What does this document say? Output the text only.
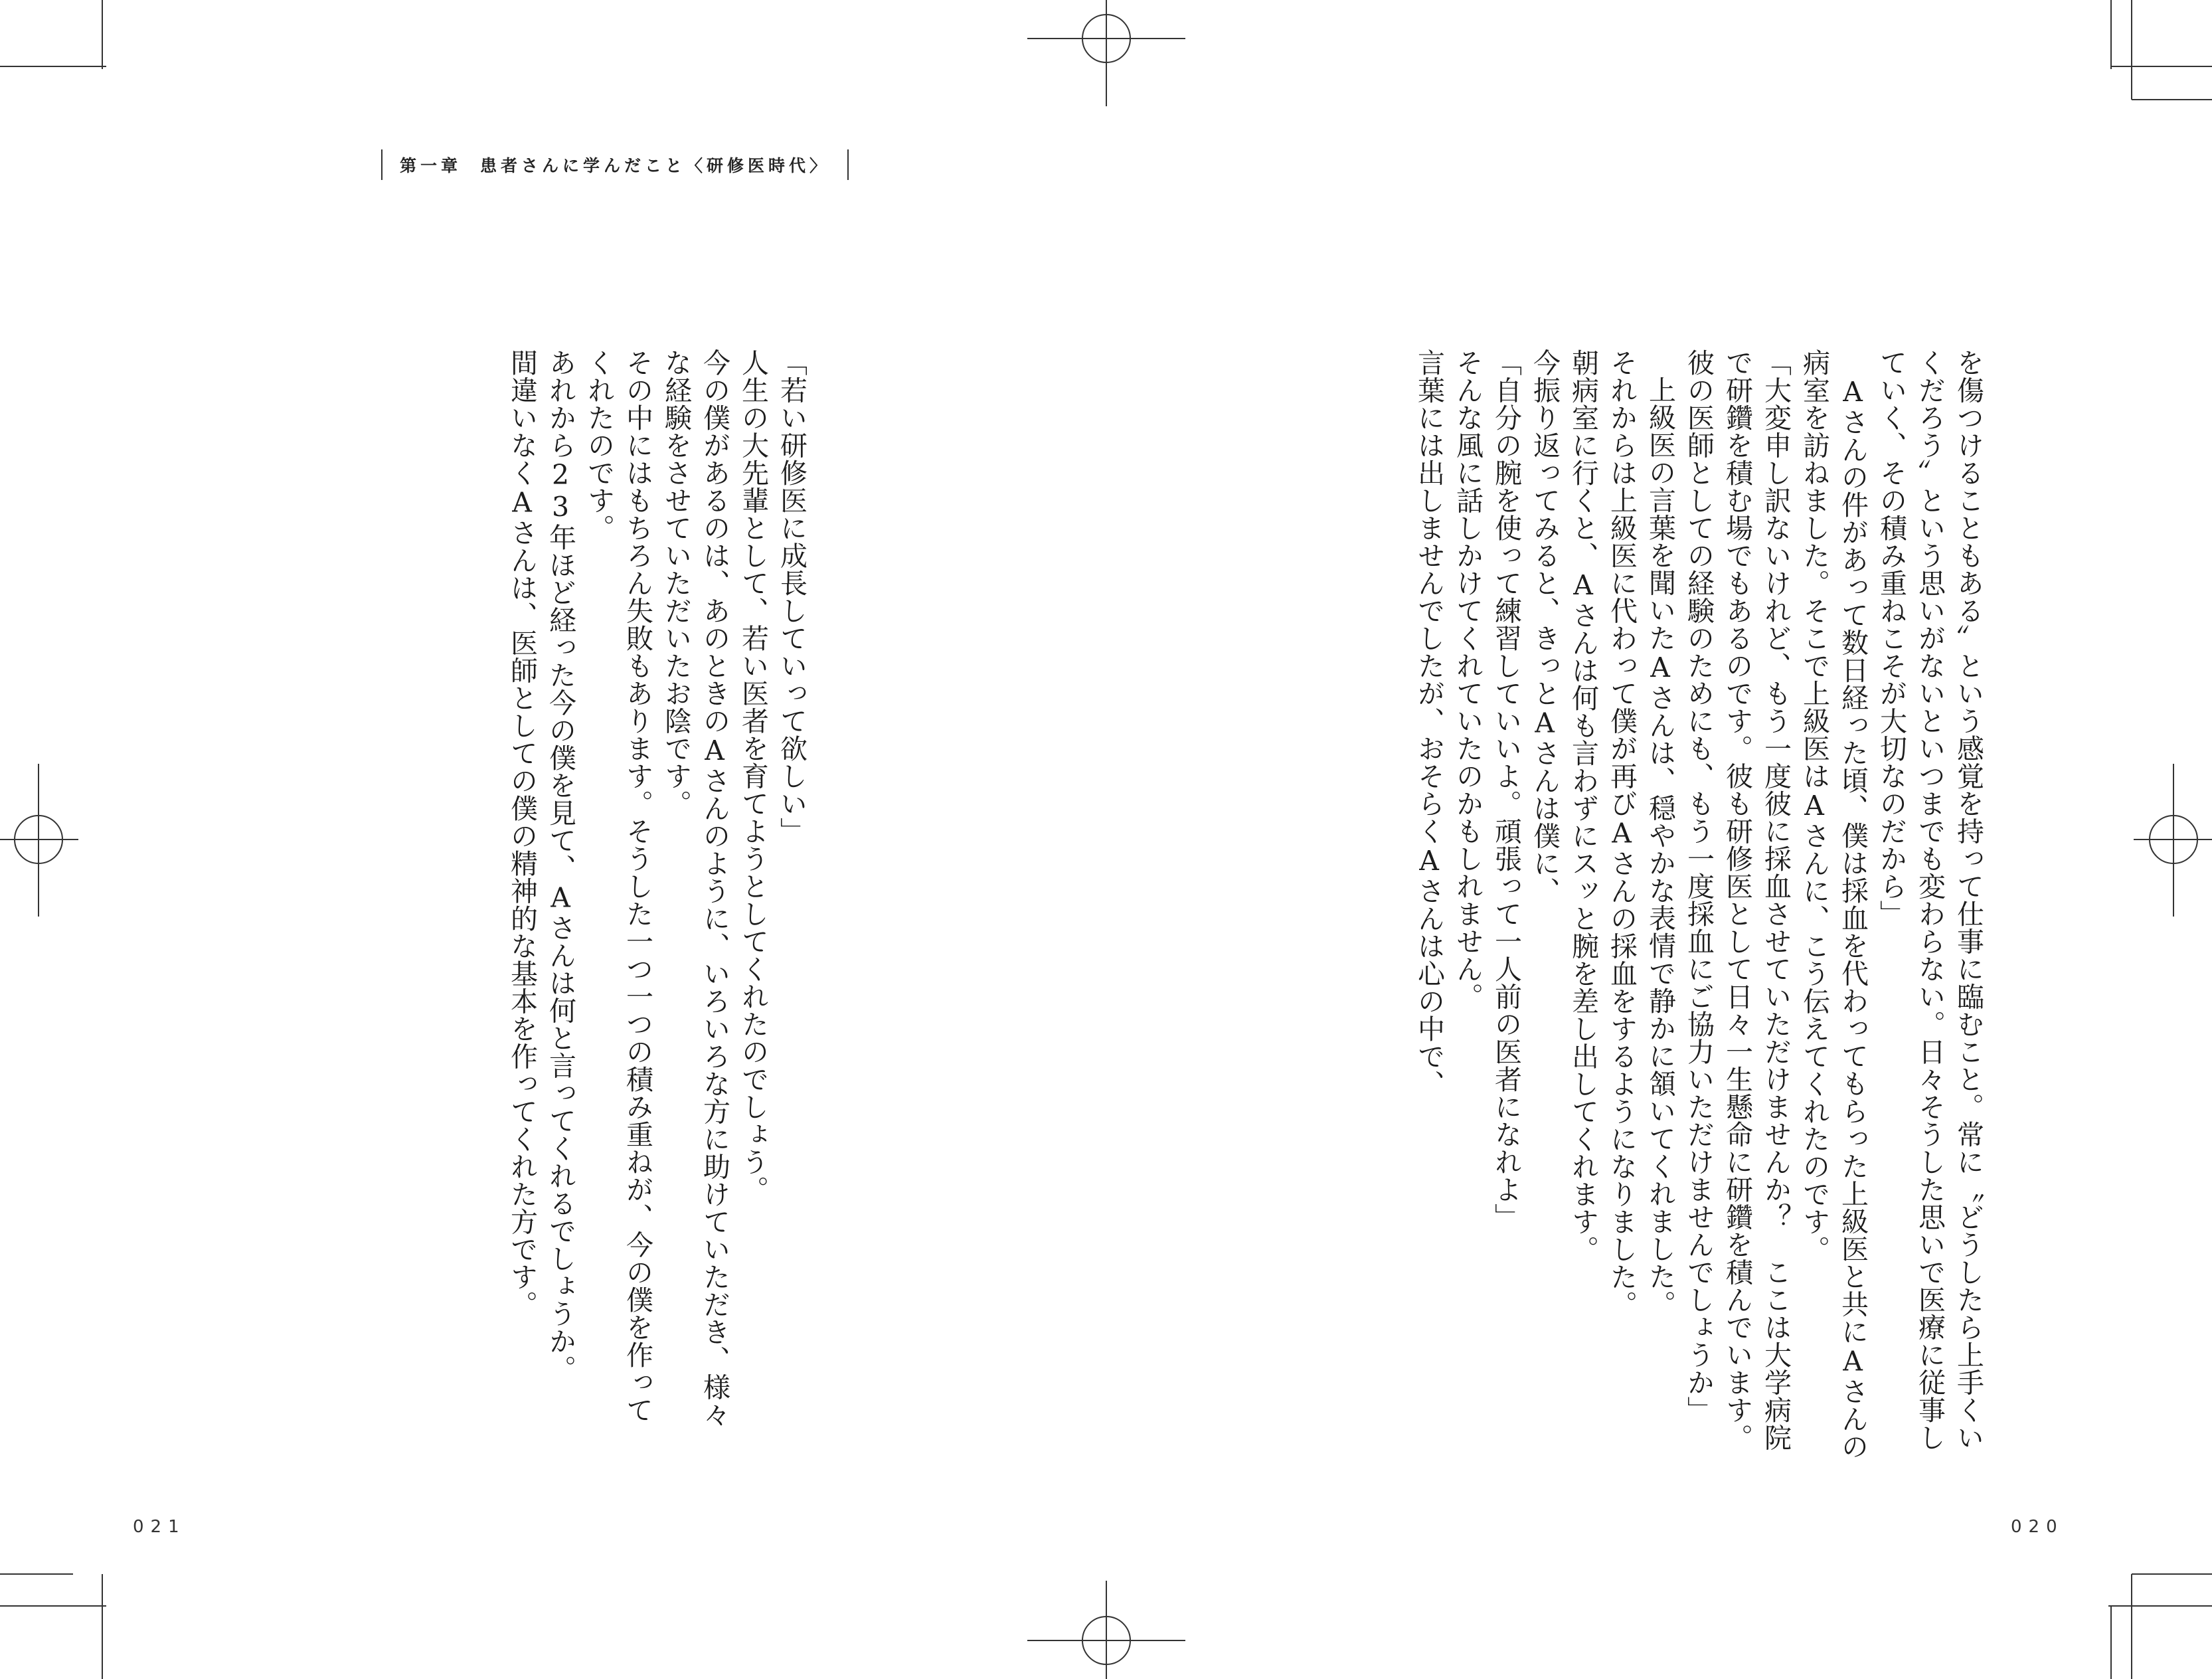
第一章 患者さんに学んだこと〈研修医時代〉

を傷つけることもある〟という感覚を持って仕事に臨むこと。常に〝どうしたら上手くい

くだろう〟という思いがないといつまでも変わらない。日々そうした思いで医療に従事し

ていく、その積み重ねこそが大切なのだから」

Aさんの件があって数日経った頃、僕は採血を代わってもらった上級医と共にAさんの

病室を訪ねました。そこで上級医はAさんに、こう伝えてくれたのです。

「大変申し訳ないけれど、もう一度彼に採血させていただけませんか？　ここは大学病院

で研鑽を積む場でもあるのです。彼も研修医として日々一生懸命に研鑽を積んでいます。

彼の医師としての経験のためにも、もう一度採血にご協力いただけませんでしょうか」

上級医の言葉を聞いたAさんは、穏やかな表情で静かに頷いてくれました。

それからは上級医に代わって僕が再びAさんの採血をするようになりました。

朝病室に行くと、Aさんは何も言わずにスッと腕を差し出してくれます。

今振り返ってみると、きっとAさんは僕に、

「自分の腕を使って練習していいよ。頑張って一人前の医者になれよ」

そんな風に話しかけてくれていたのかもしれません。

言葉には出しませんでしたが、おそらくAさんは心の中で、

「若い研修医に成長していって欲しい」

人生の大先輩として、若い医者を育てようとしてくれたのでしょう。

今の僕があるのは、あのときのAさんのように、いろいろな方に助けていただき、様々

な経験をさせていただいたお陰です。

その中にはもちろん失敗もあります。そうした一つ一つの積み重ねが、今の僕を作って

くれたのです。

あれから23年ほど経った今の僕を見て、Aさんは何と言ってくれるでしょうか。

間違いなくAさんは、医師としての僕の精神的な基本を作ってくれた方です。

021	020
